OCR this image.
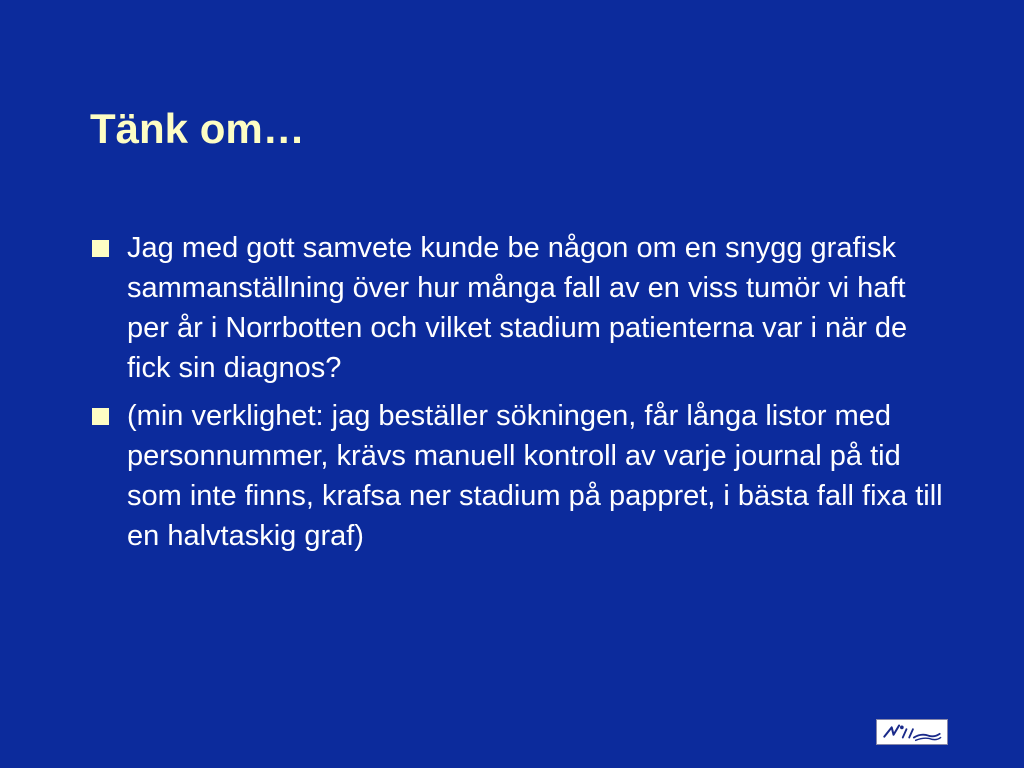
Tänk om…
Jag med gott samvete kunde be någon om en snygg grafisk sammanställning över hur många fall av en viss tumör vi haft per år i Norrbotten och vilket stadium patienterna var i när de fick sin diagnos?
(min verklighet: jag beställer sökningen, får långa listor med personnummer, krävs manuell kontroll av varje journal på tid som inte finns, krafsa ner stadium på pappret, i bästa fall fixa till en halvtaskig graf)
